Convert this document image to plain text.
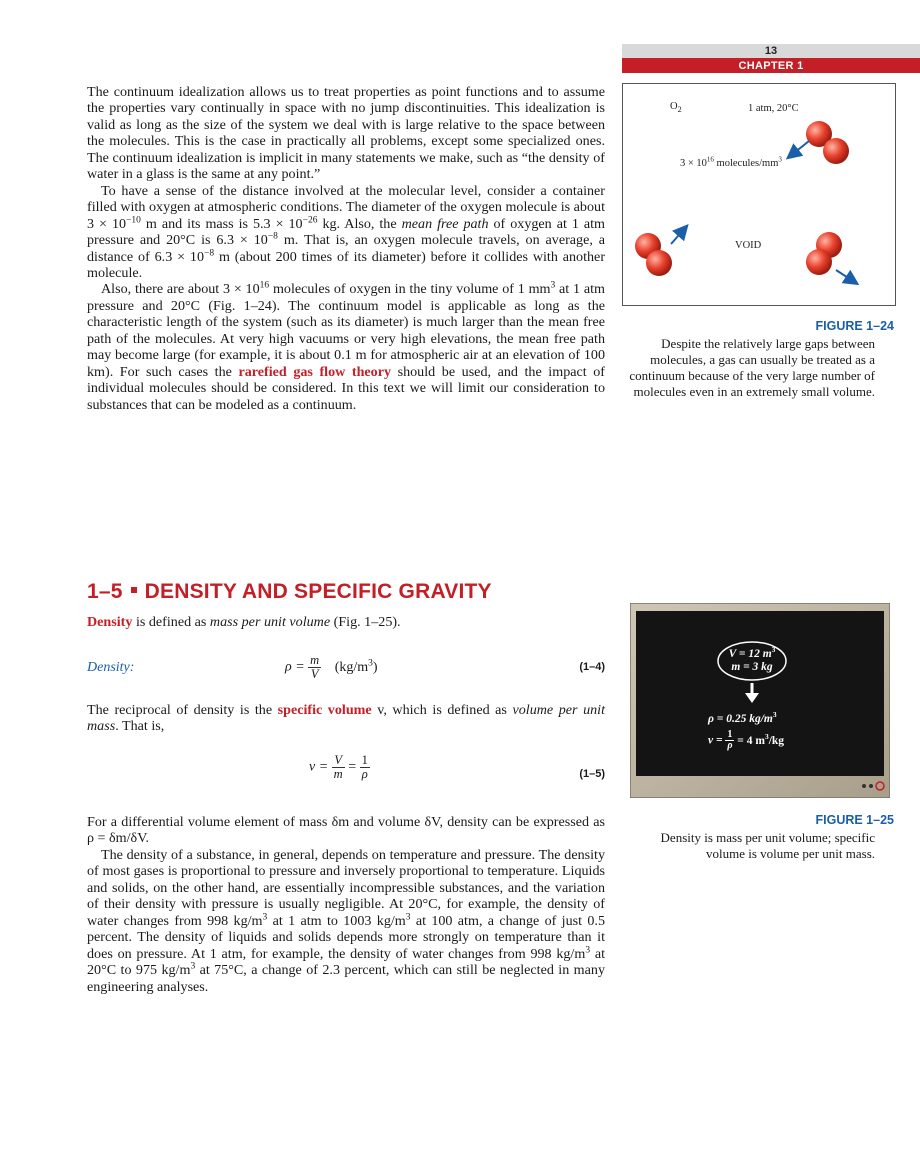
13
CHAPTER 1

The continuum idealization allows us to treat properties as point functions and to assume the properties vary continually in space with no jump discontinuities. This idealization is valid as long as the size of the system we deal with is large relative to the space between the molecules. This is the case in practically all problems, except some specialized ones. The continuum idealization is implicit in many statements we make, such as “the density of water in a glass is the same at any point.”

To have a sense of the distance involved at the molecular level, consider a container filled with oxygen at atmospheric conditions. The diameter of the oxygen molecule is about $3 \times 10^{-10}$ m and its mass is $5.3 \times 10^{-26}$ kg. Also, the mean free path of oxygen at 1 atm pressure and 20°C is $6.3 \times 10^{-8}$ m. That is, an oxygen molecule travels, on average, a distance of $6.3 \times 10^{-8}$ m (about 200 times of its diameter) before it collides with another molecule.

Also, there are about $3 \times 10^{16}$ molecules of oxygen in the tiny volume of 1 $mm^3$ at 1 atm pressure and 20°C (Fig. 1–24). The continuum model is applicable as long as the characteristic length of the system (such as its diameter) is much larger than the mean free path of the molecules. At very high vacuums or very high elevations, the mean free path may become large (for example, it is about 0.1 m for atmospheric air at an elevation of 100 km). For such cases the rarefied gas flow theory should be used, and the impact of individual molecules should be considered. In this text we will limit our consideration to substances that can be modeled as a continuum.

1–5 DENSITY AND SPECIFIC GRAVITY
Density is defined as mass per unit volume (Fig. 1–25).
Density:	$\rho = \frac{m}{V} (kg/m^3)$	(1–4)
The reciprocal of density is the specific volume v, which is defined as volume per unit mass. That is,
$v = \frac{V}{m} = \frac{1}{\rho}$	(1–5)

For a differential volume element of mass δm and volume δV, density can be expressed as ρ = δm/δV.

The density of a substance, in general, depends on temperature and pressure. The density of most gases is proportional to pressure and inversely proportional to temperature. Liquids and solids, on the other hand, are essentially incompressible substances, and the variation of their density with pressure is usually negligible. At 20°C, for example, the density of water changes from 998 $kg/m^3$ at 1 atm to 1003 $kg/m^3$ at 100 atm, a change of just 0.5 percent. The density of liquids and solids depends more strongly on temperature than it does on pressure. At 1 atm, for example, the density of water changes from 998 $kg/m^3$ at 20°C to 975 $kg/m^3$ at 75°C, a change of 2.3 percent, which can still be neglected in many engineering analyses.

$O_2$	1 atm, 20°C
$3 \times 10^{16}$ molecules/$mm^3$
VOID
FIGURE 1–24
Despite the relatively large gaps between molecules, a gas can usually be treated as a continuum because of the very large number of molecules even in an extremely small volume.
V = 12 $m^3$
m = 3 kg
ρ = 0.25 $kg/m^3$
$v = \frac{1}{\rho} = 4$ $m^3/kg$
FIGURE 1–25
Density is mass per unit volume; specific volume is volume per unit mass.
